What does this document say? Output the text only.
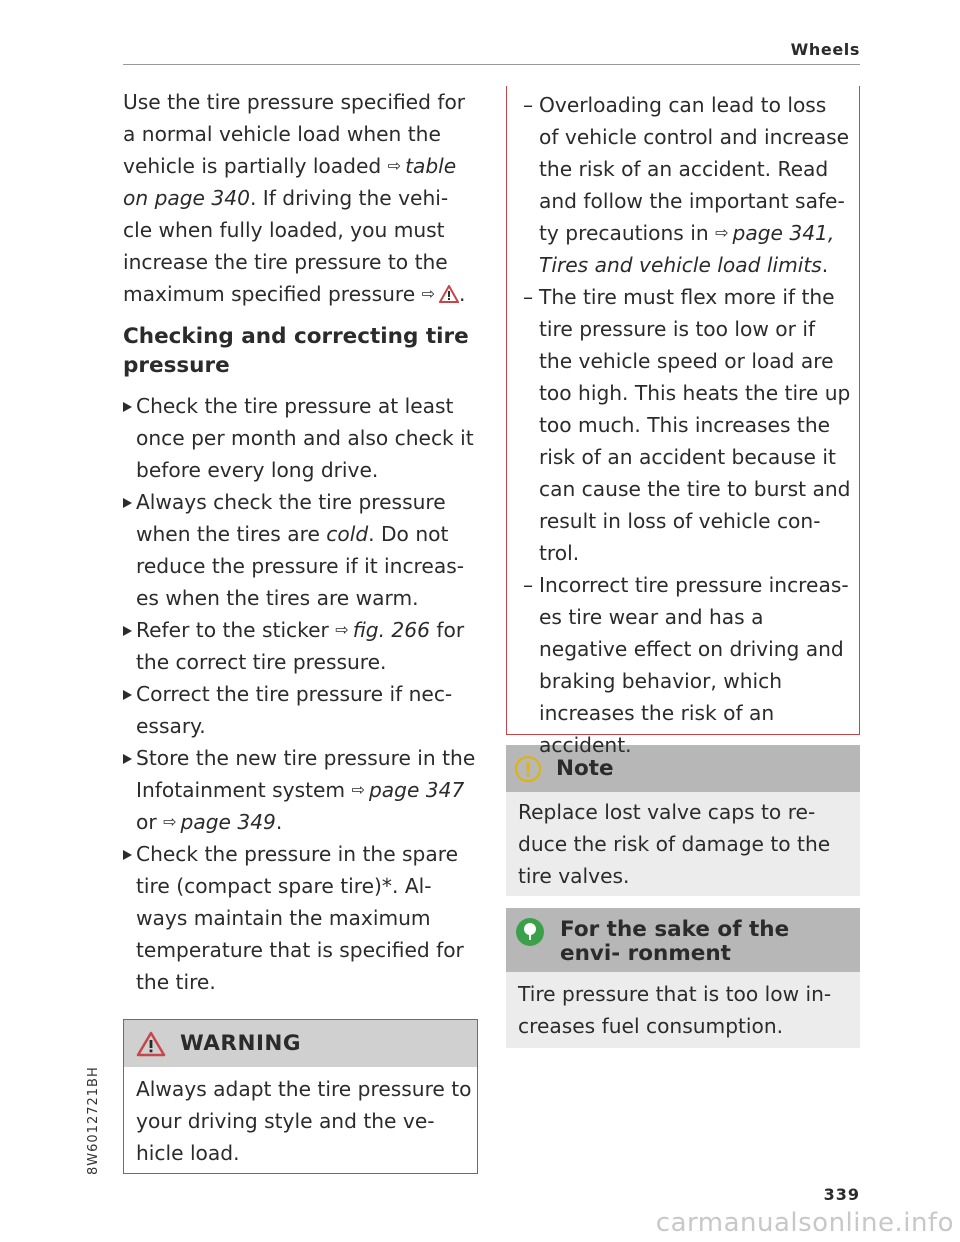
Wheels
8W6012721BH

Use the tire pressure specified for a normal vehicle load when the vehicle is partially loaded ⇨  table on page 340. If driving the vehi- cle when fully loaded, you must increase the tire pressure to the maximum specified pressure ⇨  .

Checking and correcting tire pressure
Check the tire pressure at least once per month and also check it before every long drive.
Always check the tire pressure when the tires are cold. Do not reduce the pressure if it increas- es when the tires are warm.
Refer to the sticker ⇨  fig. 266 for the correct tire pressure.
Correct the tire pressure if nec- essary.
Store the new tire pressure in the Infotainment system ⇨  page 347 or ⇨  page 349.
Check the pressure in the spare tire (compact spare tire)*. Al- ways maintain the maximum temperature that is specified for the tire.
WARNING
Always adapt the tire pressure to your driving style and the ve- hicle load.
– Overloading can lead to loss of vehicle control and increase the risk of an accident. Read and follow the important safe- ty precautions in ⇨  page 341, Tires and vehicle load limits.
– The tire must flex more if the tire pressure is too low or if the vehicle speed or load are too high. This heats the tire up too much. This increases the risk of an accident because it can cause the tire to burst and result in loss of vehicle con- trol.
– Incorrect tire pressure increas- es tire wear and has a negative effect on driving and braking behavior, which increases the risk of an accident.
Note
Replace lost valve caps to re- duce the risk of damage to the tire valves.
For the sake of the envi- ronment
Tire pressure that is too low in- creases fuel consumption.
339
carmanualsonline.info
